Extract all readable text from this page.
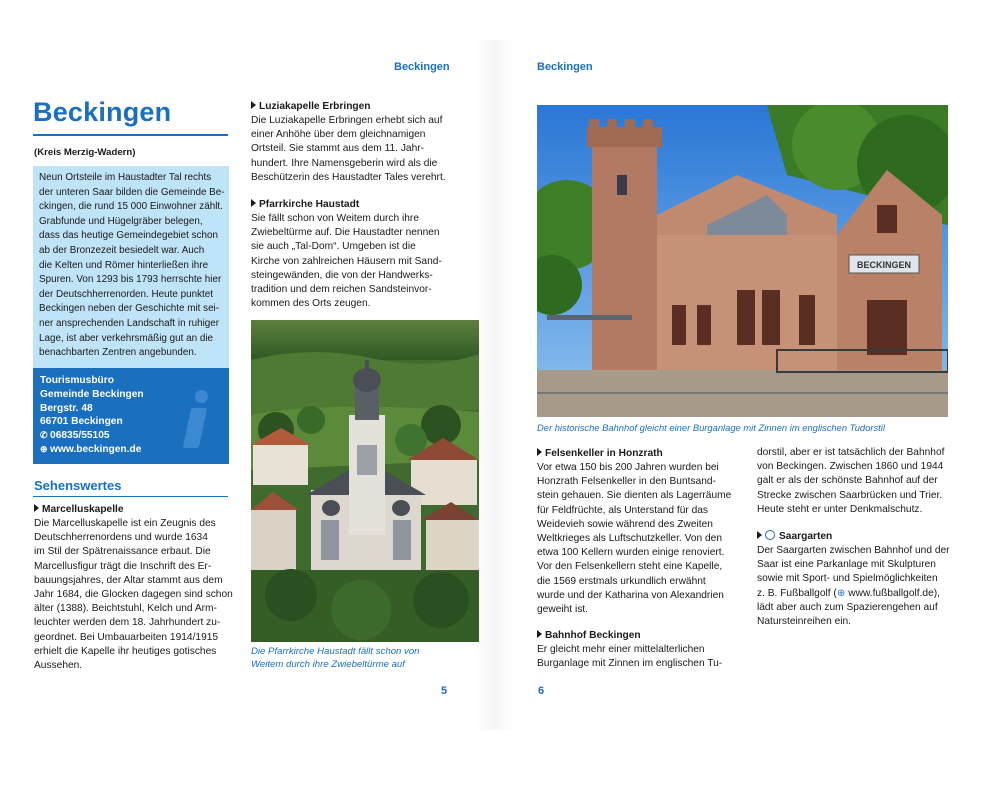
Beckingen	Beckingen
Beckingen
(Kreis Merzig-Wadern)
Neun Ortsteile im Haustadter Tal rechts
der unteren Saar bilden die Gemeinde Be-
ckingen, die rund 15 000 Einwohner zählt.
Grabfunde und Hügelgräber belegen,
dass das heutige Gemeindegebiet schon
ab der Bronzezeit besiedelt war. Auch
die Kelten und Römer hinterließen ihre
Spuren. Von 1293 bis 1793 herrschte hier
der Deutschherrenorden. Heute punktet
Beckingen neben der Geschichte mit sei-
ner ansprechenden Landschaft in ruhiger
Lage, ist aber verkehrsmäßig gut an die
benachbarten Zentren angebunden.
Tourismusbüro
Gemeinde Beckingen
Bergstr. 48
66701 Beckingen
✆ 06835/55105
⊕ www.beckingen.de
Sehenswertes
Marcelluskapelle
Die Marcelluskapelle ist ein Zeugnis des
Deutschherrenordens und wurde 1634
im Stil der Spätrenaissance erbaut. Die
Marcellusfigur trägt die Inschrift des Er-
bauungsjahres, der Altar stammt aus dem
Jahr 1684, die Glocken dagegen sind schon
älter (1388). Beichtstuhl, Kelch und Arm-
leuchter werden dem 18. Jahrhundert zu-
geordnet. Bei Umbauarbeiten 1914/1915
erhielt die Kapelle ihr heutiges gotisches
Aussehen.
Luziakapelle Erbringen
Die Luziakapelle Erbringen erhebt sich auf
einer Anhöhe über dem gleichnamigen
Ortsteil. Sie stammt aus dem 11. Jahr-
hundert. Ihre Namensgeberin wird als die
Beschützerin des Haustadter Tales verehrt.
Pfarrkirche Haustadt
Sie fällt schon von Weitem durch ihre
Zwiebeltürme auf. Die Haustadter nennen
sie auch „Tal-Dom“. Umgeben ist die
Kirche von zahlreichen Häusern mit Sand-
steingewänden, die von der Handwerks-
tradition und dem reichen Sandsteinvor-
kommen des Orts zeugen.
Die Pfarrkirche Haustadt fällt schon von
Weitem durch ihre Zwiebeltürme auf
5
BECKINGEN
Der historische Bahnhof gleicht einer Burganlage mit Zinnen im englischen Tudorstil
Felsenkeller in Honzrath
Vor etwa 150 bis 200 Jahren wurden bei
Honzrath Felsenkeller in den Buntsand-
stein gehauen. Sie dienten als Lagerräume
für Feldfrüchte, als Unterstand für das
Weidevieh sowie während des Zweiten
Weltkrieges als Luftschutzkeller. Von den
etwa 100 Kellern wurden einige renoviert.
Vor den Felsenkellern steht eine Kapelle,
die 1569 erstmals urkundlich erwähnt
wurde und der Katharina von Alexandrien
geweiht ist.
Bahnhof Beckingen
Er gleicht mehr einer mittelalterlichen
Burganlage mit Zinnen im englischen Tu-
dorstil, aber er ist tatsächlich der Bahnhof
von Beckingen. Zwischen 1860 und 1944
galt er als der schönste Bahnhof auf der
Strecke zwischen Saarbrücken und Trier.
Heute steht er unter Denkmalschutz.
Saargarten
Der Saargarten zwischen Bahnhof und der
Saar ist eine Parkanlage mit Skulpturen
sowie mit Sport- und Spielmöglichkeiten
z. B. Fußballgolf (⊕ www.fußballgolf.de),
lädt aber auch zum Spazierengehen auf
Natursteinreihen ein.
6
